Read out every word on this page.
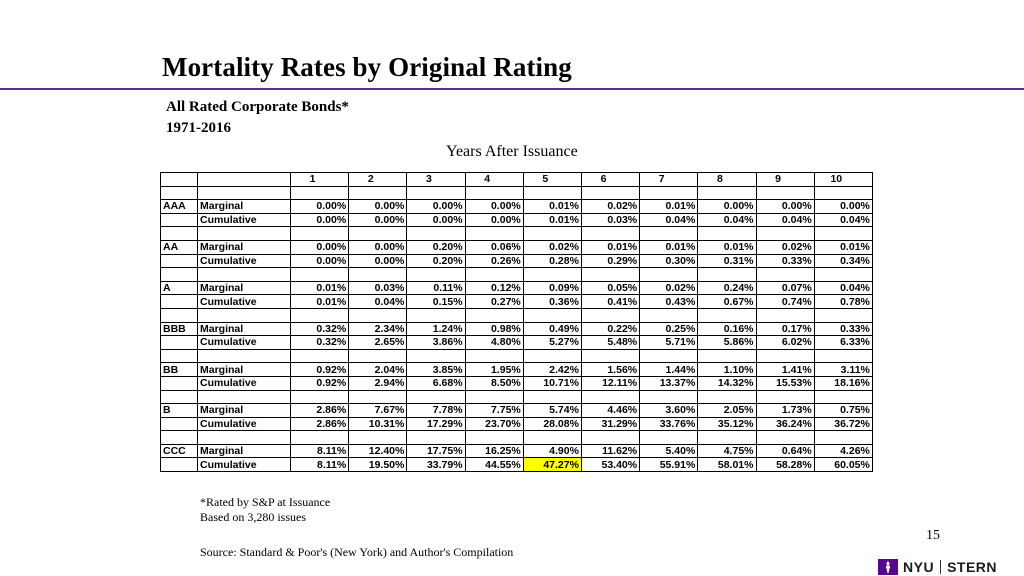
Mortality Rates by Original Rating
All Rated Corporate Bonds*
1971-2016
Years After Issuance
		1	2	3	4	5	6	7	8	9	10

AAA	Marginal	0.00%	0.00%	0.00%	0.00%	0.01%	0.02%	0.01%	0.00%	0.00%	0.00%
	Cumulative	0.00%	0.00%	0.00%	0.00%	0.01%	0.03%	0.04%	0.04%	0.04%	0.04%

AA	Marginal	0.00%	0.00%	0.20%	0.06%	0.02%	0.01%	0.01%	0.01%	0.02%	0.01%
	Cumulative	0.00%	0.00%	0.20%	0.26%	0.28%	0.29%	0.30%	0.31%	0.33%	0.34%

A	Marginal	0.01%	0.03%	0.11%	0.12%	0.09%	0.05%	0.02%	0.24%	0.07%	0.04%
	Cumulative	0.01%	0.04%	0.15%	0.27%	0.36%	0.41%	0.43%	0.67%	0.74%	0.78%

BBB	Marginal	0.32%	2.34%	1.24%	0.98%	0.49%	0.22%	0.25%	0.16%	0.17%	0.33%
	Cumulative	0.32%	2.65%	3.86%	4.80%	5.27%	5.48%	5.71%	5.86%	6.02%	6.33%

BB	Marginal	0.92%	2.04%	3.85%	1.95%	2.42%	1.56%	1.44%	1.10%	1.41%	3.11%
	Cumulative	0.92%	2.94%	6.68%	8.50%	10.71%	12.11%	13.37%	14.32%	15.53%	18.16%

B	Marginal	2.86%	7.67%	7.78%	7.75%	5.74%	4.46%	3.60%	2.05%	1.73%	0.75%
	Cumulative	2.86%	10.31%	17.29%	23.70%	28.08%	31.29%	33.76%	35.12%	36.24%	36.72%

CCC	Marginal	8.11%	12.40%	17.75%	16.25%	4.90%	11.62%	5.40%	4.75%	0.64%	4.26%
	Cumulative	8.11%	19.50%	33.79%	44.55%	47.27%	53.40%	55.91%	58.01%	58.28%	60.05%
*Rated by S&P at Issuance
Based on 3,280 issues
15
Source: Standard & Poor's (New York) and Author's Compilation
NYU STERN
